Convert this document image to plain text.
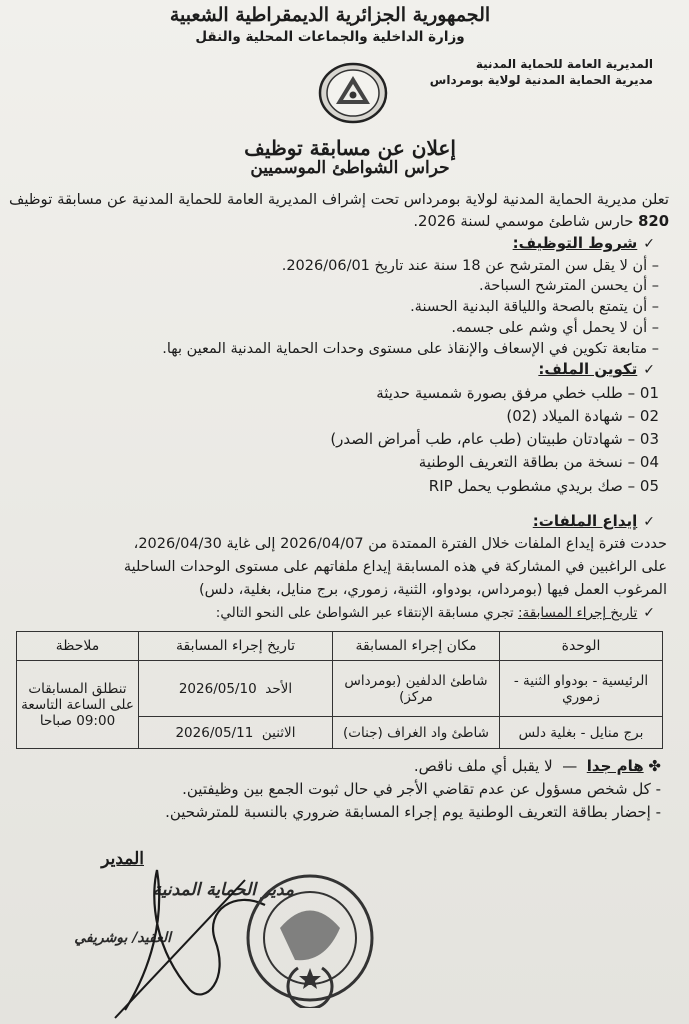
الجمهورية الجزائرية الديمقراطية الشعبية
وزارة الداخلية والجماعات المحلية والنقل
المديرية العامة للحماية المدنية
مديرية الحماية المدنية لولاية بومرداس
إعلان عن مسابقة توظيف
حراس الشواطئ الموسميين
تعلن مديرية الحماية المدنية لولاية بومرداس تحت إشراف المديرية العامة للحماية المدنية عن مسابقة توظيف 820 حارس شاطئ موسمي لسنة 2026.
✓شروط التوظيف:
– أن لا يقل سن المترشح عن 18 سنة عند تاريخ 2026/06/01.
– أن يحسن المترشح السباحة.
– أن يتمتع بالصحة واللياقة البدنية الحسنة.
– أن لا يحمل أي وشم على جسمه.
– متابعة تكوين في الإسعاف والإنقاذ على مستوى وحدات الحماية المدنية المعين بها.
✓تكوين الملف:
01 – طلب خطي مرفق بصورة شمسية حديثة
02 – شهادة الميلاد (02)
03 – شهادتان طبيتان (طب عام، طب أمراض الصدر)
04 – نسخة من بطاقة التعريف الوطنية
05 – صك بريدي مشطوب يحمل RIP
✓إيداع الملفات:
حددت فترة إيداع الملفات خلال الفترة الممتدة من 2026/04/07 إلى غاية 2026/04/30،
على الراغبين في المشاركة في هذه المسابقة إيداع ملفاتهم على مستوى الوحدات الساحلية
المرغوب العمل فيها (بومرداس، بودواو، الثنية، زموري، برج منايل، بغلية، دلس)
✓تاريخ إجراء المسابقة: تجري مسابقة الإنتقاء عبر الشواطئ على النحو التالي:
الوحدة	مكان إجراء المسابقة	تاريخ إجراء المسابقة	ملاحظة
الرئيسية - بودواو الثنية - زموري	شاطئ الدلفين (بومرداس مركز)	الأحد  2026/05/10	تنطلق المسابقات على الساعة التاسعة 09:00 صباحا
برج منايل - بغلية دلس	شاطئ واد الغراف (جنات)	الاثنين  2026/05/11	
✤ هام جدا  —  لا يقبل أي ملف ناقص.
- كل شخص مسؤول عن عدم تقاضي الأجر في حال ثبوت الجمع بين وظيفتين.
- إحضار بطاقة التعريف الوطنية يوم إجراء المسابقة ضروري بالنسبة للمترشحين.
المدير
مدير الحماية المدنية
العقيد/ بوشريفي
